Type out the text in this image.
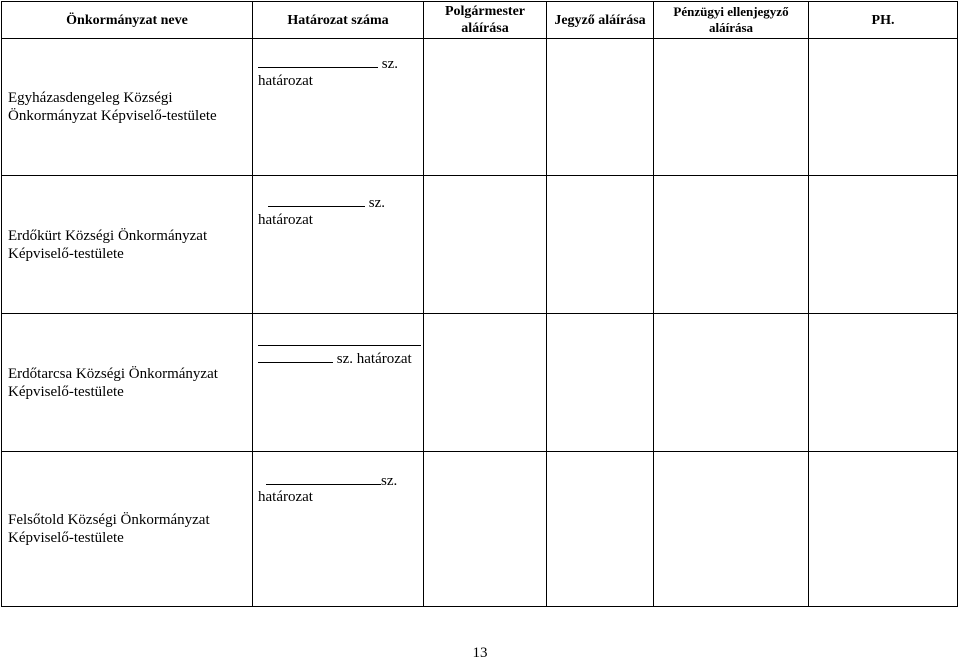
Önkormányzat neve	Határozat száma	Polgármester aláírása	Jegyző aláírása	Pénzügyi ellenjegyző aláírása	PH.
Egyházasdengeleg Községi Önkormányzat Képviselő-testülete	sz.
határozat				

Erdőkürt Községi Önkormányzat Képviselő-testülete	sz.
határozat				

Erdőtarcsa Községi Önkormányzat Képviselő-testülete	sz. határozat				

Felsőtold Községi Önkormányzat Képviselő-testülete	sz.
határozat				

13
